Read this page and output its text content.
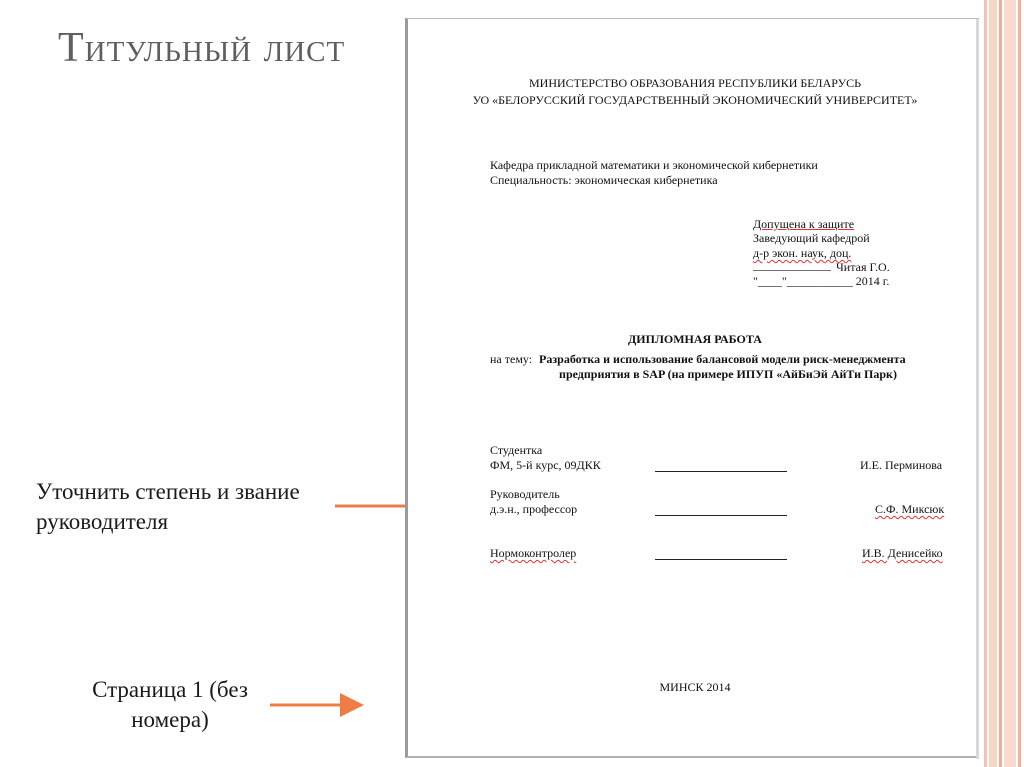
Титульный лист
Уточнить степень и звание руководителя
Страница 1 (без номера)
МИНИСТЕРСТВО ОБРАЗОВАНИЯ РЕСПУБЛИКИ БЕЛАРУСЬ
УО «БЕЛОРУССКИЙ ГОСУДАРСТВЕННЫЙ ЭКОНОМИЧЕСКИЙ УНИВЕРСИТЕТ»
Кафедра прикладной математики и экономической кибернетики
Специальность: экономическая кибернетика
Допущена к защите
Заведующий кафедрой
д-р экон. наук, доц.
_____________ Читая Г.О.
"____"___________ 2014 г.
ДИПЛОМНАЯ РАБОТА
на тему: Разработка и использование балансовой модели риск-менеджмента
предприятия в SAP (на примере ИПУП «АйБиЭй АйТи Парк)
Студентка
ФМ, 5-й курс, 09ДКК	И.Е. Перминова
Руководитель
д.э.н., профессор	С.Ф. Миксюк
Нормоконтролер	И.В. Денисейко
МИНСК 2014
